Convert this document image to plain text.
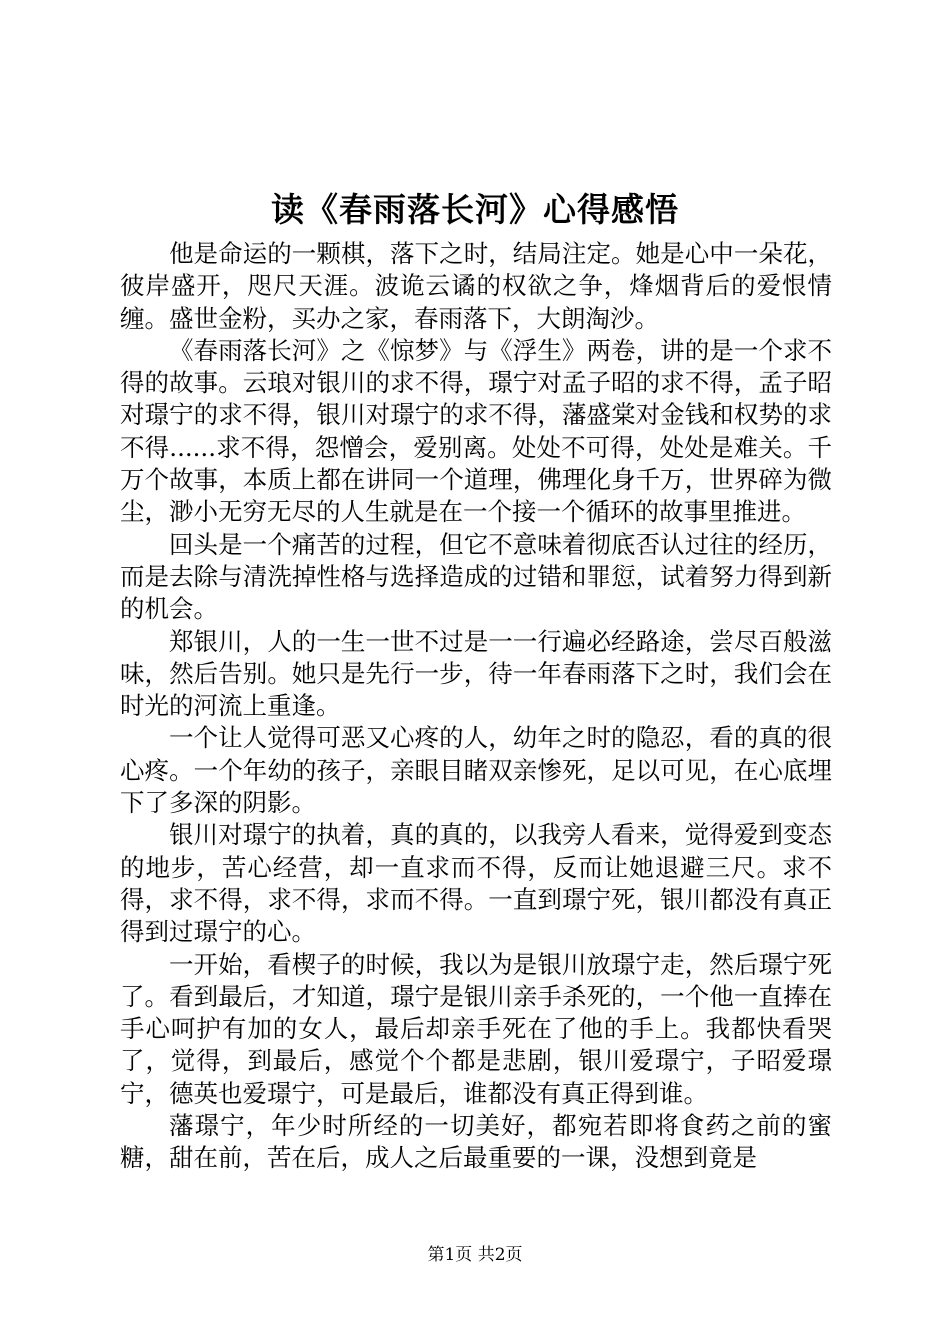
读《春雨落长河》心得感悟

他是命运的一颗棋，落下之时，结局注定。她是心中一朵花，彼岸盛开，咫尺天涯。波诡云谲的权欲之争，烽烟背后的爱恨情缠。盛世金粉，买办之家，春雨落下，大朗淘沙。

《春雨落长河》之《惊梦》与《浮生》两卷，讲的是一个求不得的故事。云琅对银川的求不得，璟宁对孟子昭的求不得，孟子昭对璟宁的求不得，银川对璟宁的求不得，藩盛棠对金钱和权势的求不得......求不得，怨憎会，爱别离。处处不可得，处处是难关。千万个故事，本质上都在讲同一个道理，佛理化身千万，世界碎为微尘，渺小无穷无尽的人生就是在一个接一个循环的故事里推进。

回头是一个痛苦的过程，但它不意味着彻底否认过往的经历，而是去除与清洗掉性格与选择造成的过错和罪愆，试着努力得到新的机会。

郑银川，人的一生一世不过是一一行遍必经路途，尝尽百般滋味，然后告别。她只是先行一步，待一年春雨落下之时，我们会在时光的河流上重逢。

一个让人觉得可恶又心疼的人，幼年之时的隐忍，看的真的很心疼。一个年幼的孩子，亲眼目睹双亲惨死，足以可见，在心底埋下了多深的阴影。

银川对璟宁的执着，真的真的，以我旁人看来，觉得爱到变态的地步，苦心经营，却一直求而不得，反而让她退避三尺。求不得，求不得，求不得，求而不得。一直到璟宁死，银川都没有真正得到过璟宁的心。

一开始，看楔子的时候，我以为是银川放璟宁走，然后璟宁死了。看到最后，才知道，璟宁是银川亲手杀死的，一个他一直捧在手心呵护有加的女人，最后却亲手死在了他的手上。我都快看哭了，觉得，到最后，感觉个个都是悲剧，银川爱璟宁，子昭爱璟宁，德英也爱璟宁，可是最后，谁都没有真正得到谁。

藩璟宁，年少时所经的一切美好，都宛若即将食药之前的蜜糖，甜在前，苦在后，成人之后最重要的一课，没想到竟是

第1页 共2页
